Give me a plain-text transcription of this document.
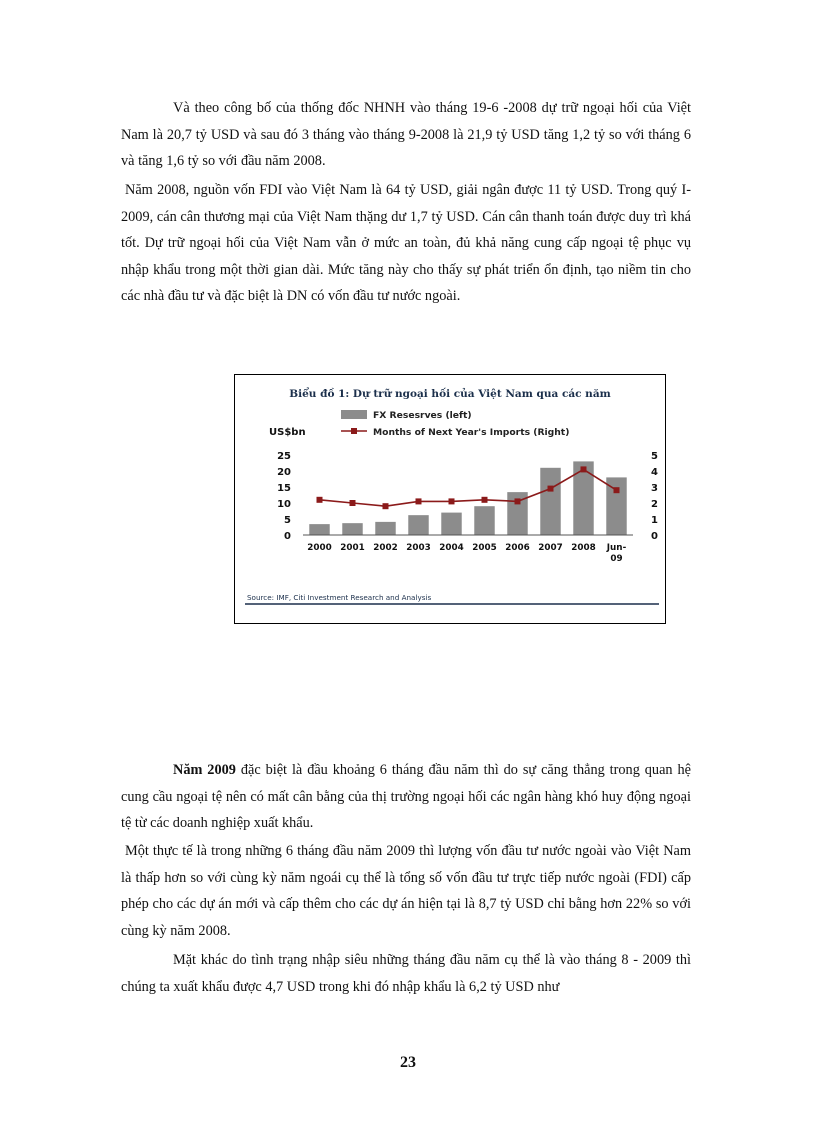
Và theo công bố của thống đốc NHNH vào tháng 19-6 -2008 dự trữ ngoại hối của Việt Nam là 20,7 tỷ USD và sau đó 3 tháng vào tháng 9-2008 là 21,9 tỷ USD tăng 1,2 tỷ so với tháng 6 và tăng 1,6 tỷ so với đầu năm 2008.

Năm 2008, nguồn vốn FDI vào Việt Nam là 64 tỷ USD, giải ngân được 11 tỷ USD. Trong quý I-2009, cán cân thương mại của Việt Nam thặng dư 1,7 tỷ USD. Cán cân thanh toán được duy trì khá tốt. Dự trữ ngoại hối của Việt Nam vẫn ở mức an toàn, đủ khả năng cung cấp ngoại tệ phục vụ nhập khẩu trong một thời gian dài. Mức tăng này cho thấy sự phát triển ổn định, tạo niềm tin cho các nhà đầu tư và đặc biệt là DN có vốn đầu tư nước ngoài.

Biểu đồ 1: Dự trữ ngoại hối của Việt Nam qua các năm
FX Resesrves (left)
Months of Next Year's Imports (Right)
US$bn
0
5
10
15
20
25
0
1
2
3
4
5
2000 2001 2002 2003 2004 2005 2006 2007 2008 Jun-
09
Source: IMF, Citi Investment Research and Analysis

Năm 2009 đặc biệt là đầu khoảng 6 tháng đầu năm thì do sự căng thẳng trong quan hệ cung cầu ngoại tệ nên có mất cân bằng của thị trường ngoại hối các ngân hàng khó huy động ngoại tệ từ các doanh nghiệp xuất khẩu.

Một thực tế là trong những 6 tháng đầu năm 2009 thì lượng vốn đầu tư nước ngoài vào Việt Nam là thấp hơn so với cùng kỳ năm ngoái cụ thể là tổng số vốn đầu tư trực tiếp nước ngoài (FDI) cấp phép cho các dự án mới và cấp thêm cho các dự án hiện tại là 8,7 tỷ USD chỉ bằng hơn 22% so với cùng kỳ năm 2008.

Mặt khác do tình trạng nhập siêu những tháng đầu năm cụ thể là vào tháng 8 - 2009 thì chúng ta xuất khẩu được 4,7 USD trong khi đó nhập khẩu là 6,2 tỷ USD như

23
